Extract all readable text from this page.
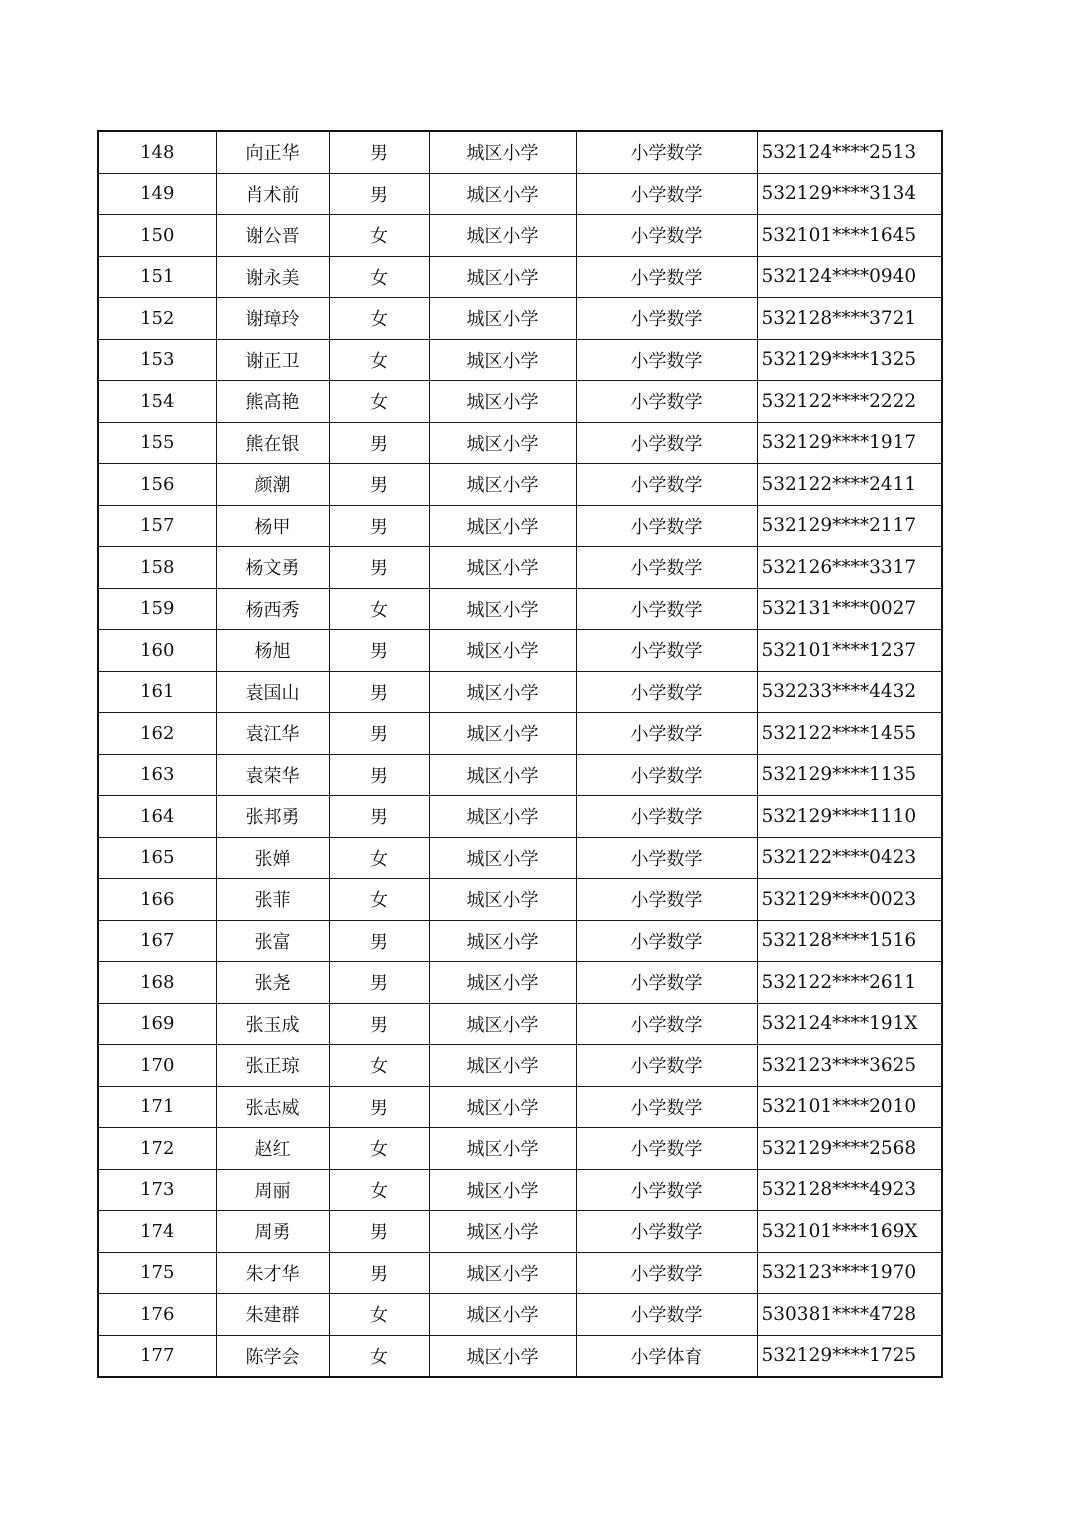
148	向正华	男	城区小学	小学数学	532124****2513
149	肖术前	男	城区小学	小学数学	532129****3134
150	谢公晋	女	城区小学	小学数学	532101****1645
151	谢永美	女	城区小学	小学数学	532124****0940
152	谢璋玲	女	城区小学	小学数学	532128****3721
153	谢正卫	女	城区小学	小学数学	532129****1325
154	熊高艳	女	城区小学	小学数学	532122****2222
155	熊在银	男	城区小学	小学数学	532129****1917
156	颜潮	男	城区小学	小学数学	532122****2411
157	杨甲	男	城区小学	小学数学	532129****2117
158	杨文勇	男	城区小学	小学数学	532126****3317
159	杨西秀	女	城区小学	小学数学	532131****0027
160	杨旭	男	城区小学	小学数学	532101****1237
161	袁国山	男	城区小学	小学数学	532233****4432
162	袁江华	男	城区小学	小学数学	532122****1455
163	袁荣华	男	城区小学	小学数学	532129****1135
164	张邦勇	男	城区小学	小学数学	532129****1110
165	张婵	女	城区小学	小学数学	532122****0423
166	张菲	女	城区小学	小学数学	532129****0023
167	张富	男	城区小学	小学数学	532128****1516
168	张尧	男	城区小学	小学数学	532122****2611
169	张玉成	男	城区小学	小学数学	532124****191X
170	张正琼	女	城区小学	小学数学	532123****3625
171	张志威	男	城区小学	小学数学	532101****2010
172	赵红	女	城区小学	小学数学	532129****2568
173	周丽	女	城区小学	小学数学	532128****4923
174	周勇	男	城区小学	小学数学	532101****169X
175	朱才华	男	城区小学	小学数学	532123****1970
176	朱建群	女	城区小学	小学数学	530381****4728
177	陈学会	女	城区小学	小学体育	532129****1725
